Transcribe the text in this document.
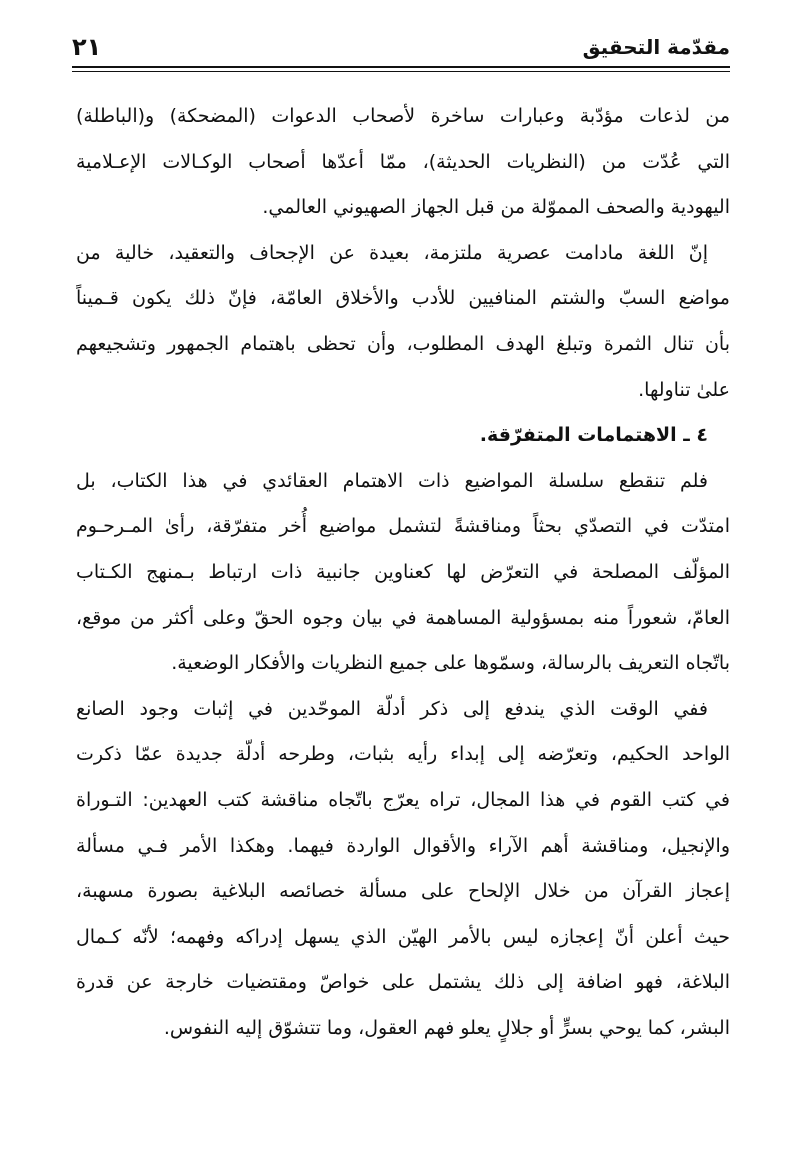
مقدّمة التحقيق
٢١
من لذعات مؤدّبة وعبارات ساخرة لأصحاب الدعوات (المضحكة) و(الباطلة)
التي عُدّت من (النظريات الحديثة)، ممّا أعدّها أصحاب الوكـالات الإعـلامية
اليهودية والصحف المموّلة من قبل الجهاز الصهيوني العالمي.
إنّ اللغة مادامت عصرية ملتزمة، بعيدة عن الإجحاف والتعقيد، خالية من
مواضع السبّ والشتم المنافيين للأدب والأخلاق العامّة، فإنّ ذلك يكون قـميناً
بأن تنال الثمرة وتبلغ الهدف المطلوب، وأن تحظى باهتمام الجمهور وتشجيعهم
علىٰ تناولها.
٤ ـ الاهتمامات المتفرّقة.
فلم تنقطع سلسلة المواضيع ذات الاهتمام العقائدي في هذا الكتاب، بل
امتدّت في التصدّي بحثاً ومناقشةً لتشمل مواضيع أُخر متفرّقة، رأىٰ المـرحـوم
المؤلّف المصلحة في التعرّض لها كعناوين جانبية ذات ارتباط بـمنهج الكـتاب
العامّ، شعوراً منه بمسؤولية المساهمة في بيان وجوه الحقّ وعلى أكثر من موقع،
باتّجاه التعريف بالرسالة، وسمّوها على جميع النظريات والأفكار الوضعية.
ففي الوقت الذي يندفع إلى ذكر أدلّة الموحّدين في إثبات وجود الصانع
الواحد الحكيم، وتعرّضه إلى إبداء رأيه بثبات، وطرحه أدلّة جديدة عمّا ذكرت
في كتب القوم في هذا المجال، تراه يعرّج باتّجاه مناقشة كتب العهدين: التـوراة
والإنجيل، ومناقشة أهم الآراء والأقوال الواردة فيهما. وهكذا الأمر فـي مسألة
إعجاز القرآن من خلال الإلحاح على مسألة خصائصه البلاغية بصورة مسهبة،
حيث أعلن أنّ إعجازه ليس بالأمر الهيّن الذي يسهل إدراكه وفهمه؛ لأنّه كـمال
البلاغة، فهو اضافة إلى ذلك يشتمل على خواصّ ومقتضيات خارجة عن قدرة
البشر، كما يوحي بسرٍّ أو جلالٍ يعلو فهم العقول، وما تتشوّق إليه النفوس.
